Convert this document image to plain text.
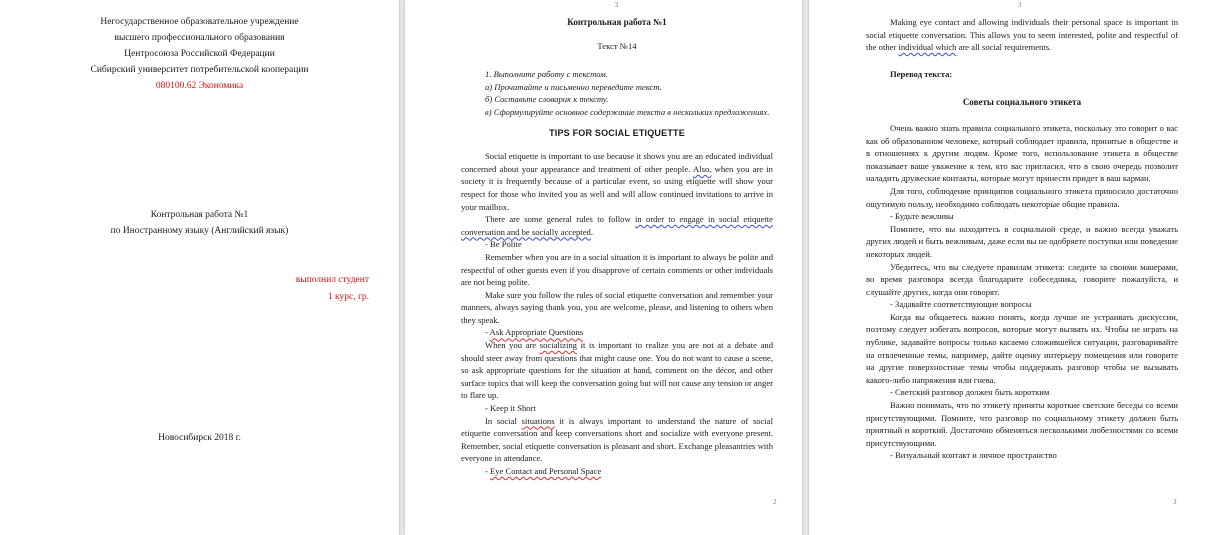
Негосударственное образовательное учреждение
высшего профессионального образования
Центросоюза Российской Федерации
Сибирский университет потребительской кооперации
080100.62 Экономика
Контрольная работа №1
по Иностранному языку (Английский язык)
выполнил студент
1 курс, гр.
Новосибирск 2018 г.
2

Контрольная работа №1

Текст №14

1. Выполните работу с текстом.

а) Прочитайте и письменно переведите текст.

б) Составьте словарик к тексту.

в) Сформулируйте основное содержание текста в нескольких предложениях.

TIPS FOR SOCIAL ETIQUETTE

Social etiquette is important to use because it shows you are an educated individual concerned about your appearance and treatment of other people. Also, when you are in society it is frequently because of a particular event, so using etiquette will show your respect for those who invited you as well and will allow continued invitations to arrive in your mailbox.

There are some general rules to follow in order to engage in social etiquette conversation and be socially accepted.

- Be Polite

Remember when you are in a social situation it is important to always be polite and respectful of other guests even if you disapprove of certain comments or other individuals are not being polite.

Make sure you follow the rules of social etiquette conversation and remember your manners, always saying thank you, you are welcome, please, and listening to others when they speak.

- Ask Appropriate Questions

When you are socializing it is important to realize you are not at a debate and should steer away from questions that might cause one. You do not want to cause a scene, so ask appropriate questions for the situation at hand, comment on the décor, and other surface topics that will keep the conversation going but will not cause any tension or anger to flare up.

- Keep it Short

In social situations it is always important to understand the nature of social etiquette conversation and keep conversations short and socialize with everyone present. Remember, social etiquette conversation is pleasant and short. Exchange pleasantries with everyone in attendance.

- Eye Contact and Personal Space

2
3

Making eye contact and allowing individuals their personal space is important in social etiquette conversation. This allows you to seem interested, polite and respectful of the other individual which are all social requirements.

Перевод текста:

Советы социального этикета

Очень важно знать правила социального этикета, поскольку это говорит о вас как об образованном человеке, который соблюдает правила, принятые в обществе и в отношениях к другим людям. Кроме того, использование этикета в обществе показывает ваше уважение к тем, кто вас пригласил, что в свою очередь позволит наладить дружеские контакты, которые могут принести придет в ваш карман.

Для того, соблюдение принципов социального этикета приносило достаточно ощутимую пользу, необходимо соблюдать некоторые общие правила.

- Будьте вежливы

Помните, что вы находитесь в социальной среде, и важно всегда уважать других людей и быть вежливым, даже если вы не одобряете поступки или поведение некоторых людей.

Убедитесь, что вы следуете правилам этикета: следите за своими манерами, во время разговора всегда благодарите собеседника, говорите пожалуйста, и слушайте других, когда они говорят.

- Задавайте соответствующие вопросы

Когда вы общаетесь важно понять, когда лучше не устраивать дискуссии, поэтому следует избегать вопросов, которые могут вызвать их. Чтобы не играть на публике, задавайте вопросы только касаемо сложившейся ситуации, разговаривайте на отвлеченные темы, например, дайте оценку интерьеру помещения или говорите на другие поверхностные темы чтобы поддержать разговор чтобы не вызывать какого-либо напряжения или гнева.

- Светский разговор должен быть коротким

Важно понимать, что по этикету приняты короткие светские беседы со всеми присутствующими. Помните, что разговор по социальному этикету должен быть приятный и короткий. Достаточно обменяться несколькими любезностями со всеми присутствующими.

- Визуальный контакт и личное пространство

3
